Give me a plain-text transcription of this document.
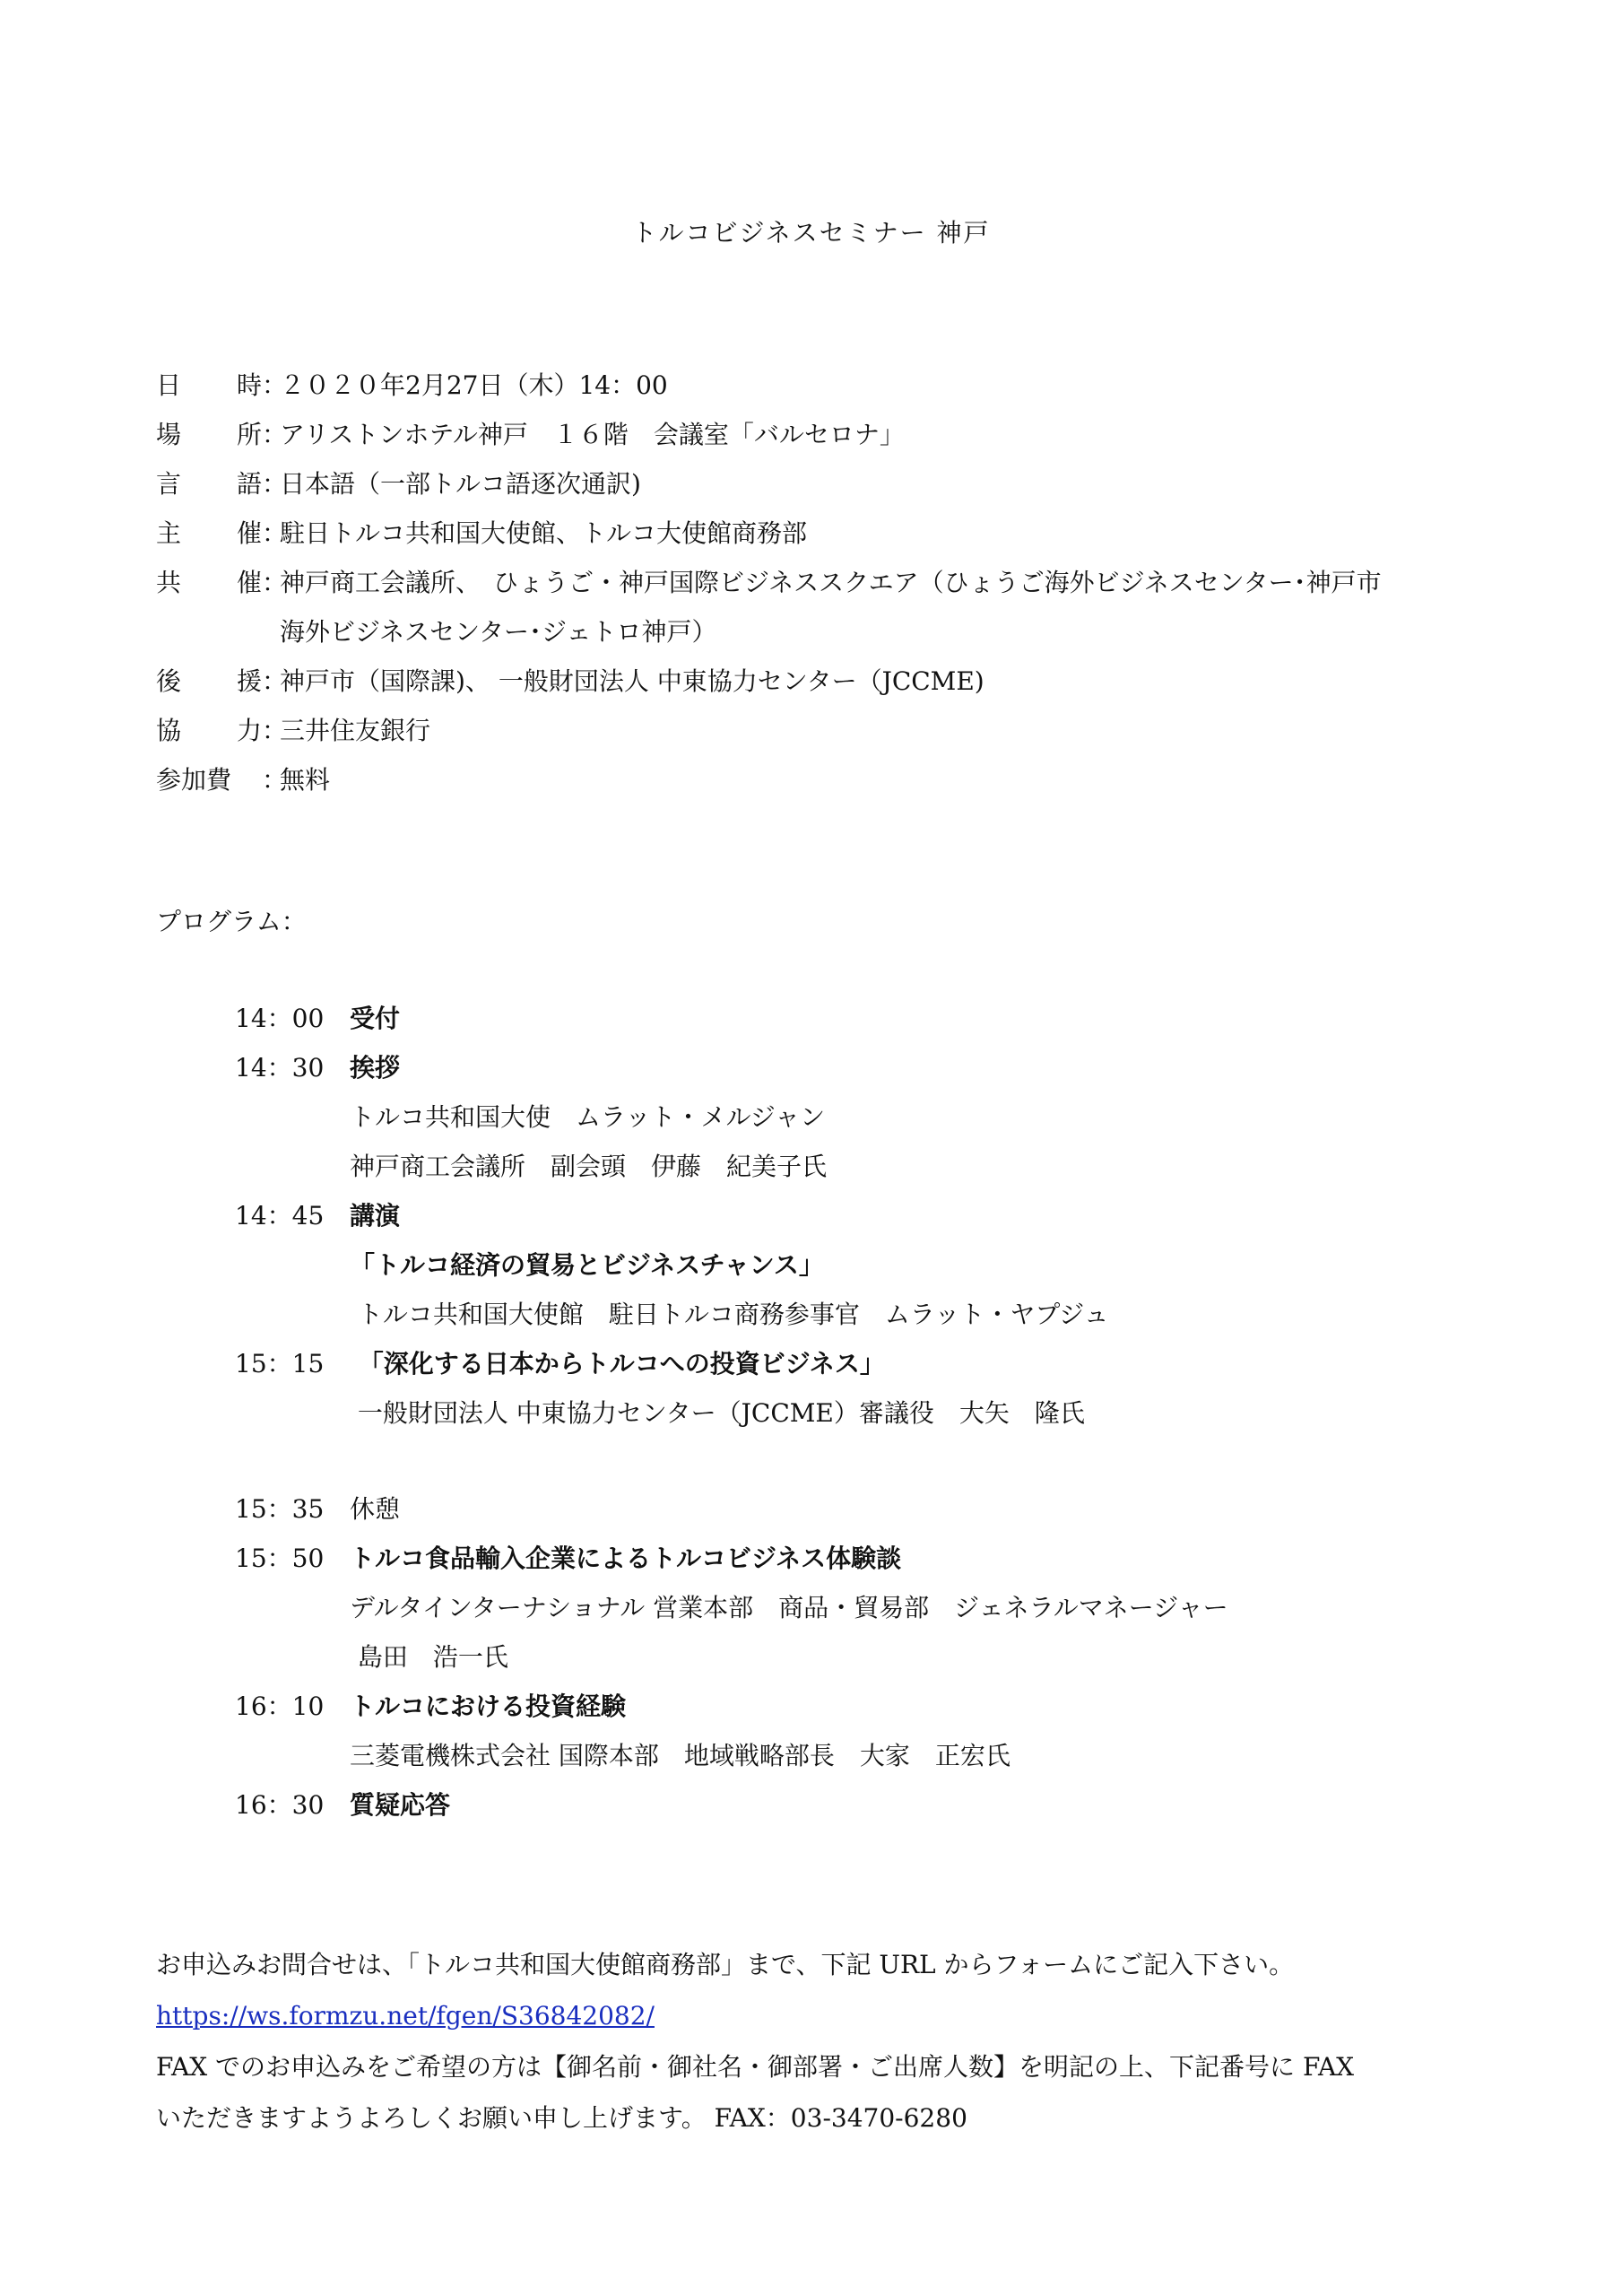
トルコビジネスセミナー 神戸
日 時 ：
２０２０年2月27日（木）14：00
場 所 ：
アリストンホテル神戸　１６階　会議室「バルセロナ」
言 語 ：
日本語（一部トルコ語逐次通訳)
主 催 ：
駐日トルコ共和国大使館、トルコ大使館商務部
共 催 ：
神戸商工会議所、　ひょうご・神戸国際ビジネススクエア（ひょうご海外ビジネスセンター･神戸市
海外ビジネスセンター･ジェトロ神戸）
後 援 ：
神戸市（国際課)、 一般財団法人 中東協力センター（JCCME)
協 力 ：
三井住友銀行
参加費 ：
無料
プログラム：
14：00	受付
14：30	挨拶
トルコ共和国大使　ムラット・メルジャン
神戸商工会議所　副会頭　伊藤　紀美子氏
14：45	講演
「トルコ経済の貿易とビジネスチャンス」
トルコ共和国大使館　駐日トルコ商務参事官　ムラット・ヤプジュ
15：15	「深化する日本からトルコへの投資ビジネス」
一般財団法人 中東協力センター（JCCME）審議役　大矢　隆氏
15：35	休憩
15：50	トルコ食品輸入企業によるトルコビジネス体験談
デルタインターナショナル 営業本部　商品・貿易部　ジェネラルマネージャー
島田　浩一氏
16：10	トルコにおける投資経験
三菱電機株式会社 国際本部　地域戦略部長　大家　正宏氏
16：30	質疑応答
お申込みお問合せは、「トルコ共和国大使館商務部」まで、下記 URL からフォームにご記入下さい。
https://ws.formzu.net/fgen/S36842082/
FAX でのお申込みをご希望の方は【御名前・御社名・御部署・ご出席人数】を明記の上、下記番号に FAX
いただきますようよろしくお願い申し上げます。 FAX：03-3470-6280
